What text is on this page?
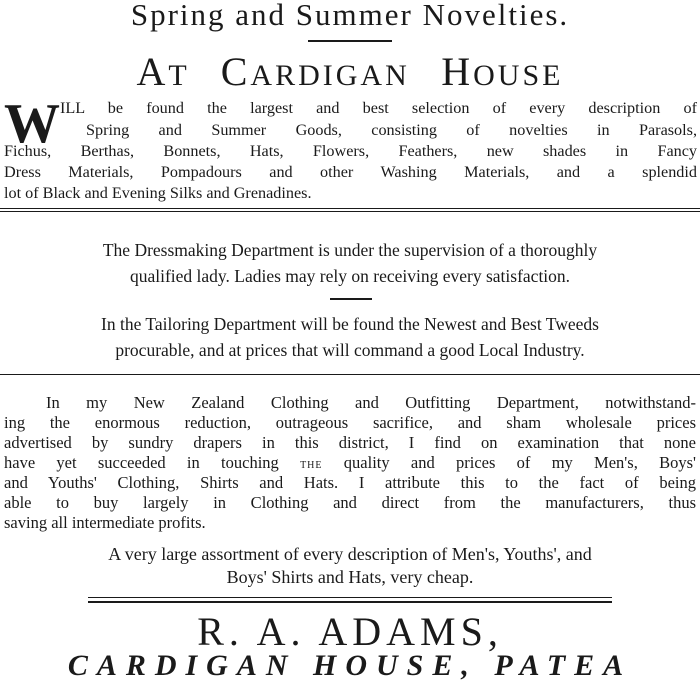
Spring and Summer Novelties.
AT CARDIGAN HOUSE
W ILL be found the largest and best selection of every description of
Spring and Summer Goods, consisting of novelties in Parasols,
Fichus, Berthas, Bonnets, Hats, Flowers, Feathers, new shades in Fancy
Dress Materials, Pompadours and other Washing Materials, and a splendid
lot of Black and Evening Silks and Grenadines.
The Dressmaking Department is under the supervision of a thoroughly
qualified lady. Ladies may rely on receiving every satisfaction.
In the Tailoring Department will be found the Newest and Best Tweeds
procurable, and at prices that will command a good Local Industry.
In my New Zealand Clothing and Outfitting Department, notwithstand-
ing the enormous reduction, outrageous sacrifice, and sham wholesale prices
advertised by sundry drapers in this district, I find on examination that none
have yet succeeded in touching THE quality and prices of my Men's, Boys'
and Youths' Clothing, Shirts and Hats. I attribute this to the fact of being
able to buy largely in Clothing and direct from the manufacturers, thus
saving all intermediate profits.
A very large assortment of every description of Men's, Youths', and
Boys' Shirts and Hats, very cheap.
R. A. ADAMS,
CARDIGAN HOUSE, PATEA
